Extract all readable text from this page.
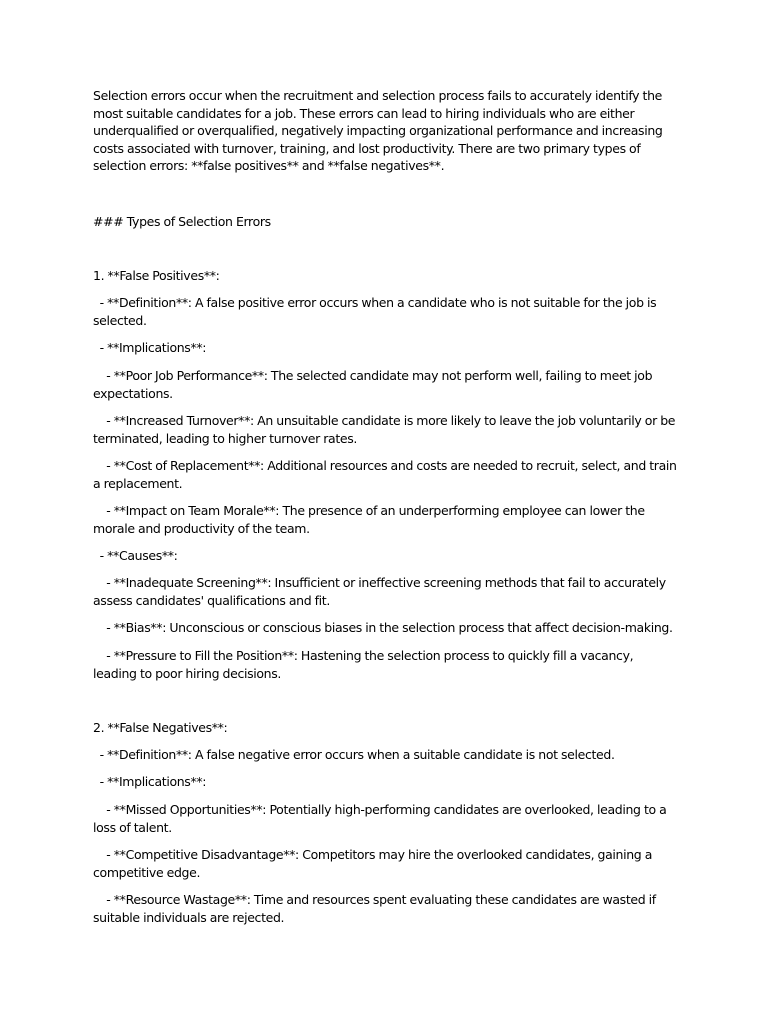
Selection errors occur when the recruitment and selection process fails to accurately identify the most suitable candidates for a job. These errors can lead to hiring individuals who are either underqualified or overqualified, negatively impacting organizational performance and increasing costs associated with turnover, training, and lost productivity. There are two primary types of selection errors: **false positives** and **false negatives**.

### Types of Selection Errors

1. **False Positives**:

- **Definition**: A false positive error occurs when a candidate who is not suitable for the job is selected.

- **Implications**:

- **Poor Job Performance**: The selected candidate may not perform well, failing to meet job expectations.

- **Increased Turnover**: An unsuitable candidate is more likely to leave the job voluntarily or be terminated, leading to higher turnover rates.

- **Cost of Replacement**: Additional resources and costs are needed to recruit, select, and train a replacement.

- **Impact on Team Morale**: The presence of an underperforming employee can lower the morale and productivity of the team.

- **Causes**:

- **Inadequate Screening**: Insufficient or ineffective screening methods that fail to accurately assess candidates' qualifications and fit.

- **Bias**: Unconscious or conscious biases in the selection process that affect decision-making.

- **Pressure to Fill the Position**: Hastening the selection process to quickly fill a vacancy, leading to poor hiring decisions.

2. **False Negatives**:

- **Definition**: A false negative error occurs when a suitable candidate is not selected.

- **Implications**:

- **Missed Opportunities**: Potentially high-performing candidates are overlooked, leading to a loss of talent.

- **Competitive Disadvantage**: Competitors may hire the overlooked candidates, gaining a competitive edge.

- **Resource Wastage**: Time and resources spent evaluating these candidates are wasted if suitable individuals are rejected.
